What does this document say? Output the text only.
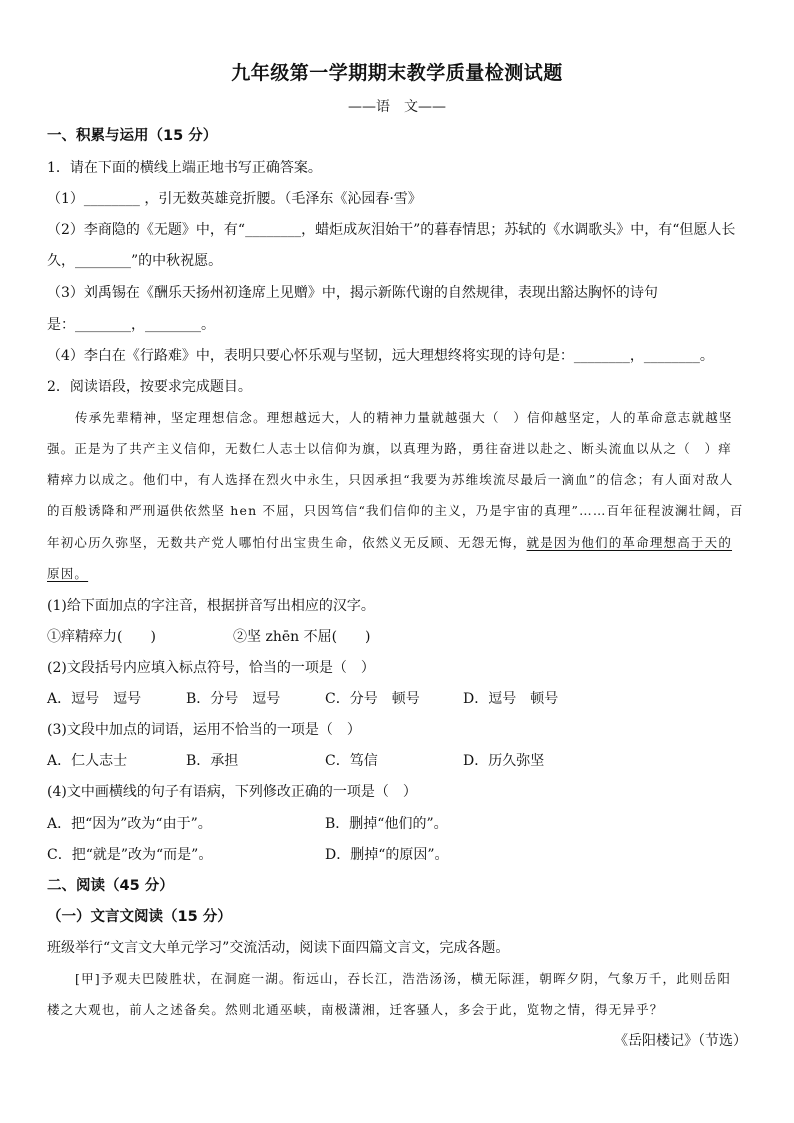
九年级第一学期期末教学质量检测试题
——语　文——
一、积累与运用（15 分）
1．请在下面的横线上端正地书写正确答案。
（1）________ ，引无数英雄竞折腰。（毛泽东《沁园春·雪》
（2）李商隐的《无题》中，有“________，蜡炬成灰泪始干”的暮春情思；苏轼的《水调歌头》中，有“但愿人长
久，________”的中秋祝愿。
（3）刘禹锡在《酬乐天扬州初逢席上见赠》中，揭示新陈代谢的自然规律，表现出豁达胸怀的诗句
是：________，________。
（4）李白在《行路难》中，表明只要心怀乐观与坚韧，远大理想终将实现的诗句是：________，________。
2．阅读语段，按要求完成题目。
传承先辈精神，坚定理想信念。理想越远大，人的精神力量就越强大（　）信仰越坚定，人的革命意志就越坚
强。正是为了共产主义信仰，无数仁人志士以信仰为旗，以真理为路，勇往奋进以赴之、断头流血以从之（　）痒
精瘁力以成之。他们中，有人选择在烈火中永生，只因承担“我要为苏维埃流尽最后一滴血”的信念；有人面对敌人
的百般诱降和严刑逼供依然坚 hen 不屈，只因笃信“我们信仰的主义，乃是宇宙的真理”……百年征程波澜壮阔，百
年初心历久弥坚，无数共产党人哪怕付出宝贵生命，依然义无反顾、无怨无悔，就是因为他们的革命理想高于天的
原因。
(1)给下面加点的字注音，根据拼音写出相应的汉字。
①痒精瘁力(　　)	②坚 zhēn 不屈(　　)
(2)文段括号内应填入标点符号，恰当的一项是（　）
A．逗号　逗号	B．分号　逗号	C．分号　顿号	D．逗号　顿号
(3)文段中加点的词语，运用不恰当的一项是（　）
A．仁人志士	B．承担	C．笃信	D．历久弥坚
(4)文中画横线的句子有语病，下列修改正确的一项是（　）
A．把“因为”改为“由于”。	B．删掉“他们的”。
C．把“就是”改为“而是”。	D．删掉“的原因”。
二、阅读（45 分）
（一）文言文阅读（15 分）
班级举行“文言文大单元学习”交流活动，阅读下面四篇文言文，完成各题。
[甲]予观夫巴陵胜状，在洞庭一湖。衔远山，吞长江，浩浩汤汤，横无际涯，朝晖夕阴，气象万千，此则岳阳
楼之大观也，前人之述备矣。然则北通巫峡，南极潇湘，迁客骚人，多会于此，览物之情，得无异乎？
《岳阳楼记》（节选）
